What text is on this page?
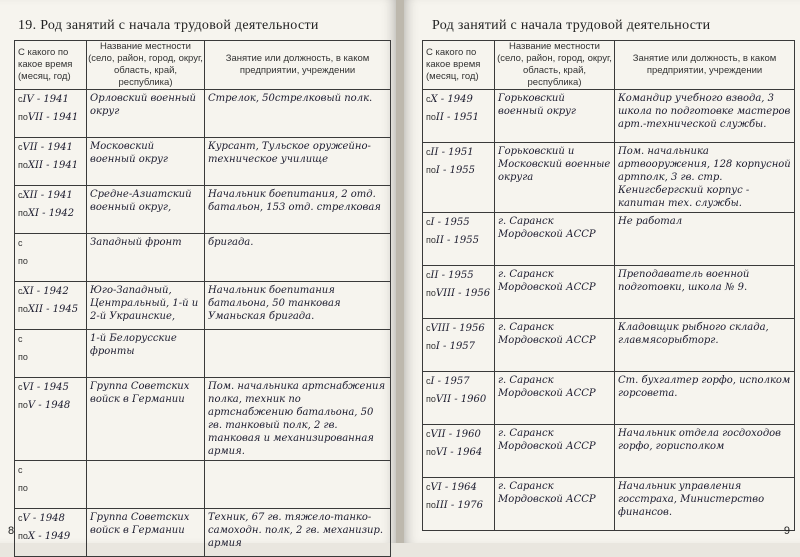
19. Род занятий с начала трудовой деятельности
С какого по какое время (месяц, год)	Название местности (село, район, город, округ, область, край, республика)	Занятие или должность, в каком предприятии, учреждении

сIV - 1941
поVII - 1941	Орловский военный округ	Стрелок, 50стрелковый полк.

сVII - 1941
поXII - 1941	Московский военный округ	Курсант, Тульское оружейно-техническое училище

сXII - 1941
поXI - 1942	Средне-Азиатский военный округ,	Начальник боепитания, 2 отд. батальон, 153 отд. стрелковая

с
по	Западный фронт	бригада.

сXI - 1942
поXII - 1945	Юго-Западный, Центральный, 1-й и 2-й Украинские,	Начальник боепитания батальона, 50 танковая Уманьская бригада.

с
по	1-й Белорусские фронты	

сVI - 1945
поV - 1948	Группа Советских войск в Германии	Пом. начальника артснабжения полка, техник по артснабжению батальона, 50 гв. танковый полк, 2 гв. танковая и механизированная армия.

с
по		

сV - 1948
поX - 1949	Группа Советских войск в Германии	Техник, 67 гв. тяжело-танко-самоходн. полк, 2 гв. механизир. армия
8
Род занятий с начала трудовой деятельности
С какого по какое время (месяц, год)	Название местности (село, район, город, округ, область, край, республика)	Занятие или должность, в каком предприятии, учреждении

сX - 1949
поII - 1951	Горьковский военный округ	Командир учебного взвода, 3 школа по подготовке мастеров арт.-технической службы.

сII - 1951
поI - 1955	Горьковский и Московский военные округа	Пом. начальника артвооружения, 128 корпусной артполк, 3 гв. стр. Кенигсбергский корпус - капитан тех. службы.

сI - 1955
поII - 1955	г. Саранск Мордовской АССР	Не работал

сII - 1955
поVIII - 1956	г. Саранск Мордовской АССР	Преподаватель военной подготовки, школа № 9.

сVIII - 1956
поI - 1957	г. Саранск Мордовской АССР	Кладовщик рыбного склада, главмясорыбторг.

сI - 1957
поVII - 1960	г. Саранск Мордовской АССР	Ст. бухгалтер горфо, исполком горсовета.

сVII - 1960
поVI - 1964	г. Саранск Мордовской АССР	Начальник отдела госдоходов горфо, горисполком

сVI - 1964
поIII - 1976	г. Саранск Мордовской АССР	Начальник управления госстраха, Министерство финансов.
9
